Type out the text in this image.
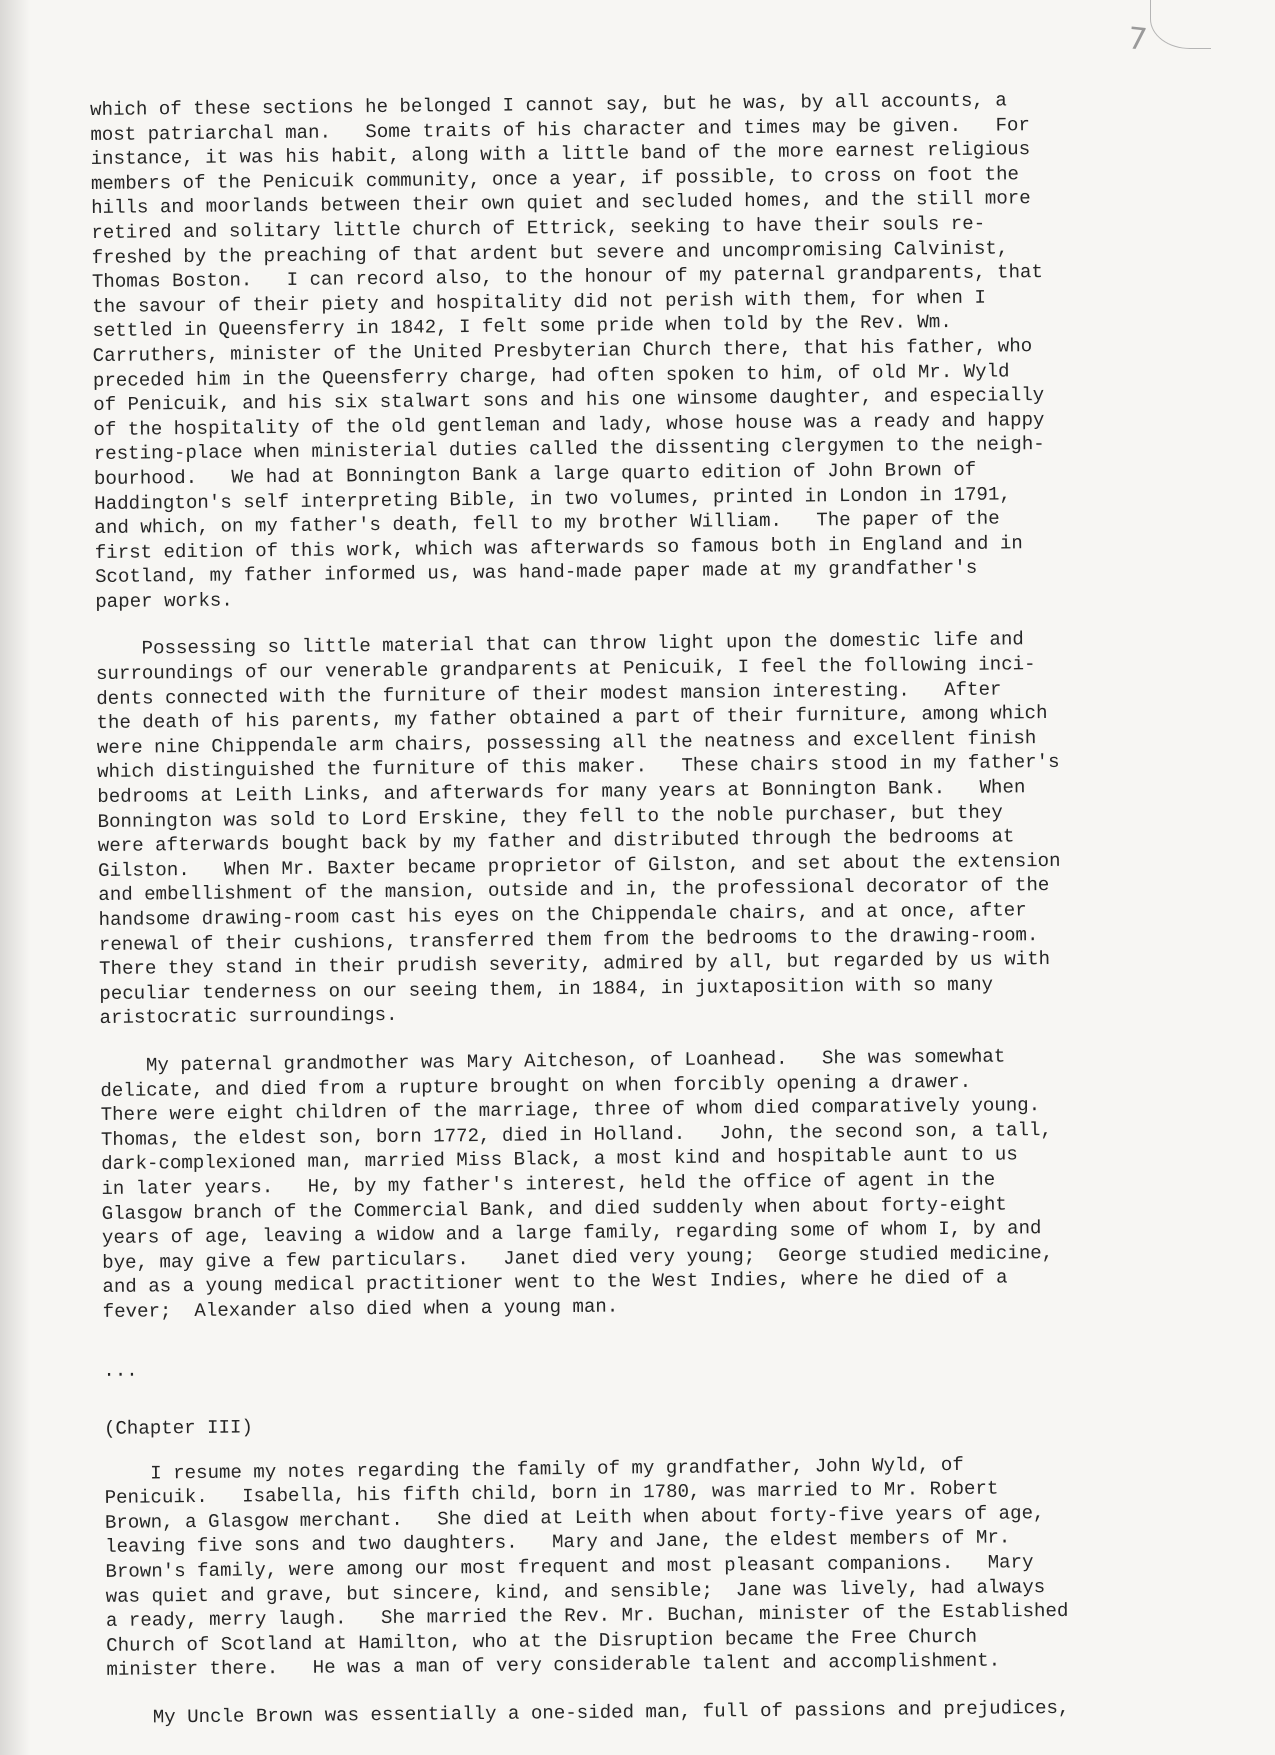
7
which of these sections he belonged I cannot say, but he was, by all accounts, a
most patriarchal man.   Some traits of his character and times may be given.   For
instance, it was his habit, along with a little band of the more earnest religious
members of the Penicuik community, once a year, if possible, to cross on foot the
hills and moorlands between their own quiet and secluded homes, and the still more
retired and solitary little church of Ettrick, seeking to have their souls re-
freshed by the preaching of that ardent but severe and uncompromising Calvinist,
Thomas Boston.   I can record also, to the honour of my paternal grandparents, that
the savour of their piety and hospitality did not perish with them, for when I
settled in Queensferry in 1842, I felt some pride when told by the Rev. Wm.
Carruthers, minister of the United Presbyterian Church there, that his father, who
preceded him in the Queensferry charge, had often spoken to him, of old Mr. Wyld
of Penicuik, and his six stalwart sons and his one winsome daughter, and especially
of the hospitality of the old gentleman and lady, whose house was a ready and happy
resting-place when ministerial duties called the dissenting clergymen to the neigh-
bourhood.   We had at Bonnington Bank a large quarto edition of John Brown of
Haddington's self interpreting Bible, in two volumes, printed in London in 1791,
and which, on my father's death, fell to my brother William.   The paper of the
first edition of this work, which was afterwards so famous both in England and in
Scotland, my father informed us, was hand-made paper made at my grandfather's
paper works.
Possessing so little material that can throw light upon the domestic life and
surroundings of our venerable grandparents at Penicuik, I feel the following inci-
dents connected with the furniture of their modest mansion interesting.   After
the death of his parents, my father obtained a part of their furniture, among which
were nine Chippendale arm chairs, possessing all the neatness and excellent finish
which distinguished the furniture of this maker.   These chairs stood in my father's
bedrooms at Leith Links, and afterwards for many years at Bonnington Bank.   When
Bonnington was sold to Lord Erskine, they fell to the noble purchaser, but they
were afterwards bought back by my father and distributed through the bedrooms at
Gilston.   When Mr. Baxter became proprietor of Gilston, and set about the extension
and embellishment of the mansion, outside and in, the professional decorator of the
handsome drawing-room cast his eyes on the Chippendale chairs, and at once, after
renewal of their cushions, transferred them from the bedrooms to the drawing-room.
There they stand in their prudish severity, admired by all, but regarded by us with
peculiar tenderness on our seeing them, in 1884, in juxtaposition with so many
aristocratic surroundings.
My paternal grandmother was Mary Aitcheson, of Loanhead.   She was somewhat
delicate, and died from a rupture brought on when forcibly opening a drawer.
There were eight children of the marriage, three of whom died comparatively young.
Thomas, the eldest son, born 1772, died in Holland.   John, the second son, a tall,
dark-complexioned man, married Miss Black, a most kind and hospitable aunt to us
in later years.   He, by my father's interest, held the office of agent in the
Glasgow branch of the Commercial Bank, and died suddenly when about forty-eight
years of age, leaving a widow and a large family, regarding some of whom I, by and
bye, may give a few particulars.   Janet died very young;  George studied medicine,
and as a young medical practitioner went to the West Indies, where he died of a
fever;  Alexander also died when a young man.
...
(Chapter III)
I resume my notes regarding the family of my grandfather, John Wyld, of
Penicuik.   Isabella, his fifth child, born in 1780, was married to Mr. Robert
Brown, a Glasgow merchant.   She died at Leith when about forty-five years of age,
leaving five sons and two daughters.   Mary and Jane, the eldest members of Mr.
Brown's family, were among our most frequent and most pleasant companions.   Mary
was quiet and grave, but sincere, kind, and sensible;  Jane was lively, had always
a ready, merry laugh.   She married the Rev. Mr. Buchan, minister of the Established
Church of Scotland at Hamilton, who at the Disruption became the Free Church
minister there.   He was a man of very considerable talent and accomplishment.
My Uncle Brown was essentially a one-sided man, full of passions and prejudices,
